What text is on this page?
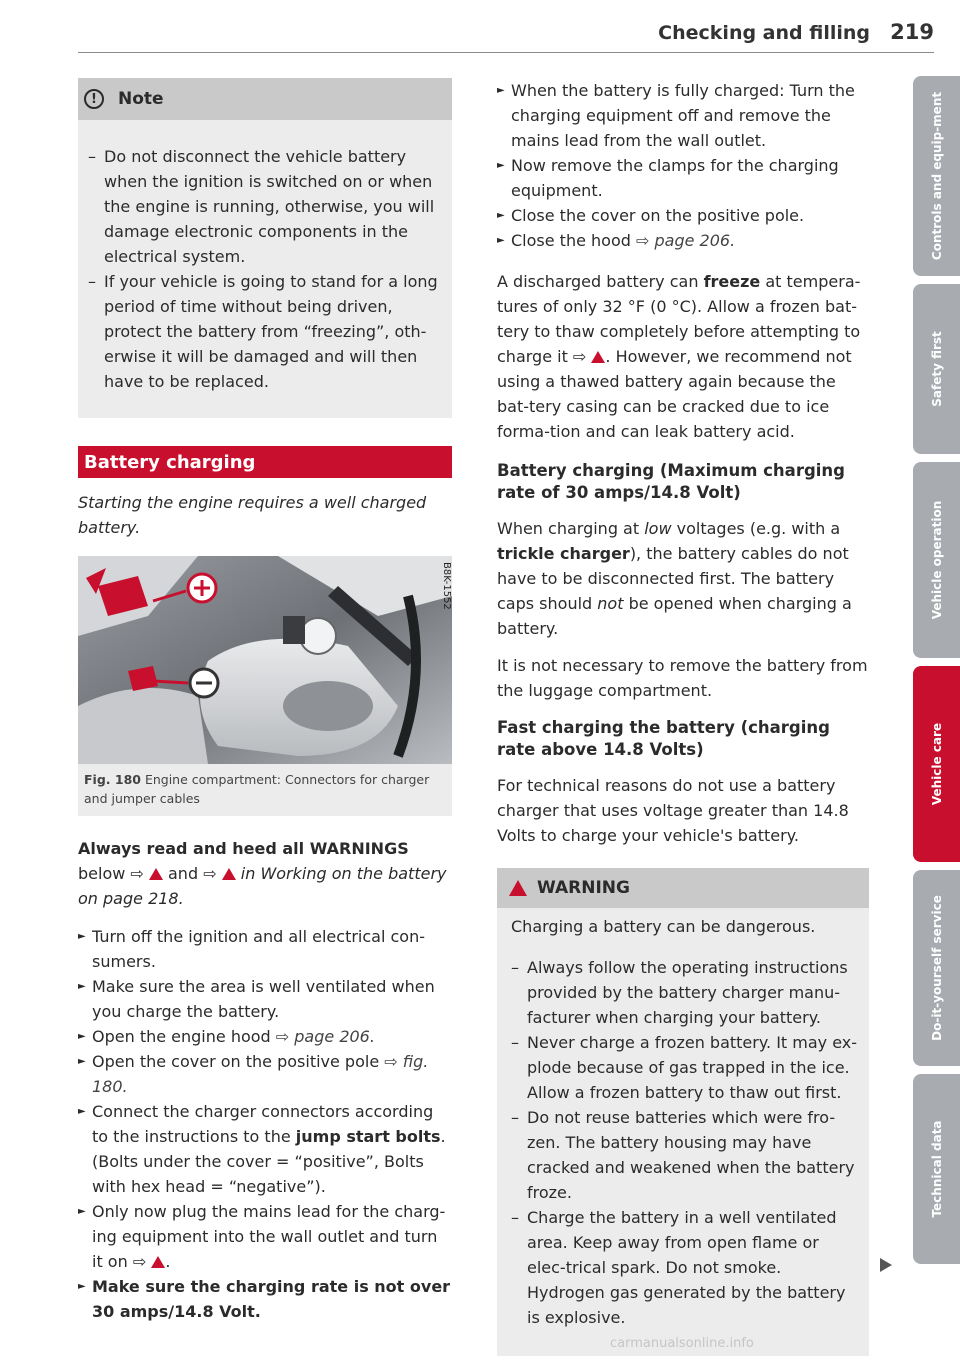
Checking and filling 219
!	Note
– Do not disconnect the vehicle battery when the ignition is switched on or when the engine is running, otherwise, you will damage electronic components in the electrical system.
– If your vehicle is going to stand for a long period of time without being driven, protect the battery from “freezing”, oth-erwise it will be damaged and will then have to be replaced.
Battery charging

Starting the engine requires a well charged battery.

B8K-1552
Fig. 180 Engine compartment: Connectors for charger and jumper cables

Always read and heed all WARNINGS below ⇨  and ⇨  in Working on the battery on page 218.

► Turn off the ignition and all electrical con-sumers.
► Make sure the area is well ventilated when you charge the battery.
► Open the engine hood ⇨ page 206.
► Open the cover on the positive pole ⇨ fig. 180.
► Connect the charger connectors according to the instructions to the jump start bolts. (Bolts under the cover = “positive”, Bolts with hex head = “negative”).
► Only now plug the mains lead for the charg-ing equipment into the wall outlet and turn it on ⇨ .
► Make sure the charging rate is not over 30 amps/14.8 Volt.
► When the battery is fully charged: Turn the charging equipment off and remove the mains lead from the wall outlet.
► Now remove the clamps for the charging equipment.
► Close the cover on the positive pole.
► Close the hood ⇨ page 206.

A discharged battery can freeze at tempera-tures of only 32 °F (0 °C). Allow a frozen bat-tery to thaw completely before attempting to charge it ⇨ . However, we recommend not using a thawed battery again because the bat-tery casing can be cracked due to ice forma-tion and can leak battery acid.

Battery charging (Maximum charging rate of 30 amps/14.8 Volt)

When charging at low voltages (e.g. with a trickle charger), the battery cables do not have to be disconnected first. The battery caps should not be opened when charging a battery.

It is not necessary to remove the battery from the luggage compartment.

Fast charging the battery (charging rate above 14.8 Volts)

For technical reasons do not use a battery charger that uses voltage greater than 14.8 Volts to charge your vehicle's battery.

WARNING

Charging a battery can be dangerous.

– Always follow the operating instructions provided by the battery charger manu-facturer when charging your battery.
– Never charge a frozen battery. It may ex-plode because of gas trapped in the ice. Allow a frozen battery to thaw out first.
– Do not reuse batteries which were fro-zen. The battery housing may have cracked and weakened when the battery froze.
– Charge the battery in a well ventilated area. Keep away from open flame or elec-trical spark. Do not smoke. Hydrogen gas generated by the battery is explosive.
Controls and equip-ment
Safety first
Vehicle operation
Vehicle care
Do-it-yourself service
Technical data
carmanualsonline.info
